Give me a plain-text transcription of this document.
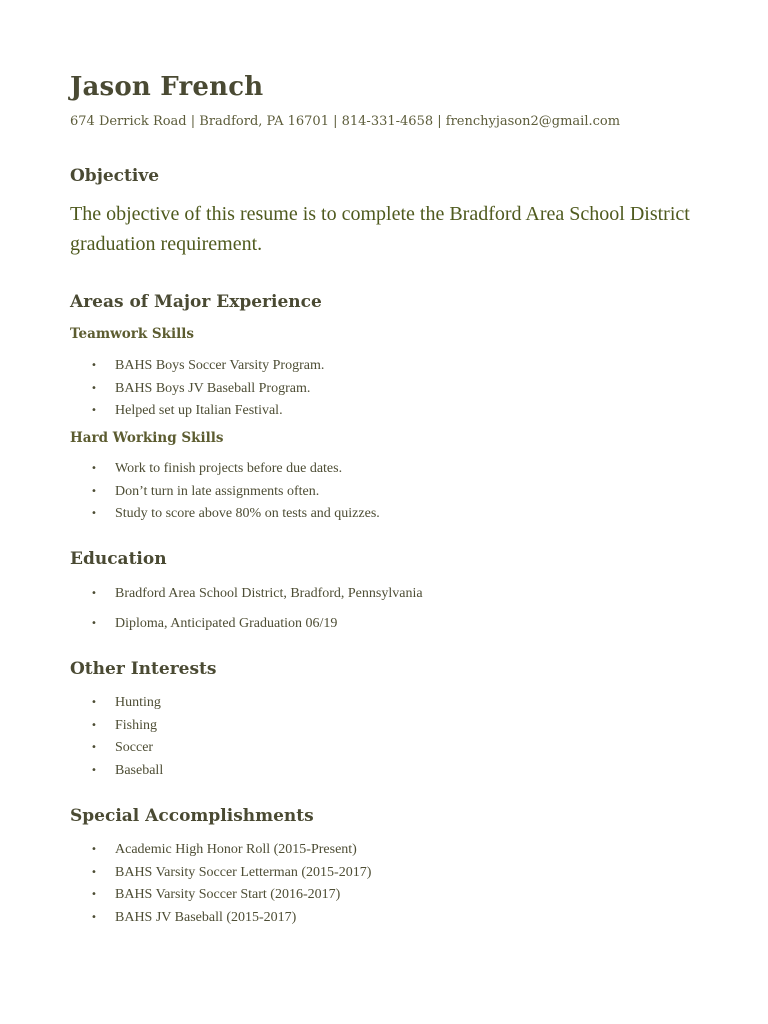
Jason French
674 Derrick Road | Bradford, PA 16701 | 814-331-4658 | frenchyjason2@gmail.com
Objective
The objective of this resume is to complete the Bradford Area School District graduation requirement.
Areas of Major Experience
Teamwork Skills
• BAHS Boys Soccer Varsity Program.
• BAHS Boys JV Baseball Program.
• Helped set up Italian Festival.
Hard Working Skills
• Work to finish projects before due dates.
• Don’t turn in late assignments often.
• Study to score above 80% on tests and quizzes.
Education
• Bradford Area School District, Bradford, Pennsylvania
• Diploma, Anticipated Graduation 06/19
Other Interests
• Hunting
• Fishing
• Soccer
• Baseball
Special Accomplishments
• Academic High Honor Roll (2015-Present)
• BAHS Varsity Soccer Letterman (2015-2017)
• BAHS Varsity Soccer Start (2016-2017)
• BAHS JV Baseball (2015-2017)
